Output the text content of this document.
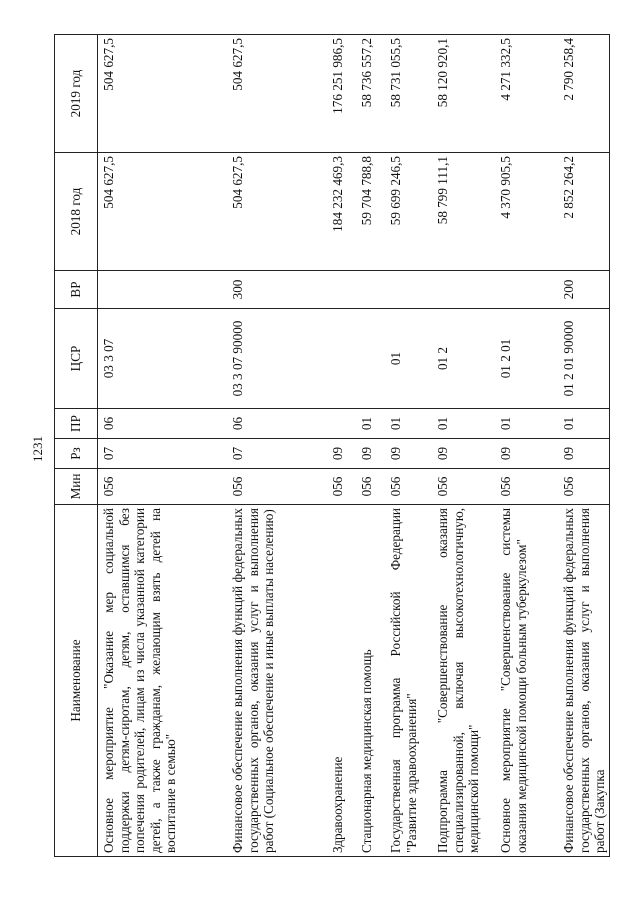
1231
Наименование	Мин	Рз	ПР	ЦСР	ВР	2018 год	2019 год
Основное мероприятие "Оказание мер социальной поддержки детям-сиротам, детям, оставшимся без попечения родителей, лицам из числа указанной категории детей, а также гражданам, желающим взять детей на воспитание в семью"	056	07	06	03 3 07		504 627,5	504 627,5
Финансовое обеспечение выполнения функций федеральных государственных органов, оказания услуг и выполнения работ (Социальное обеспечение и иные выплаты населению)	056	07	06	03 3 07 90000	300	504 627,5	504 627,5
Здравоохранение	056	09				184 232 469,3	176 251 986,5
Стационарная медицинская помощь	056	09	01			59 704 788,8	58 736 557,2
Государственная программа Российской Федерации "Развитие здравоохранения"	056	09	01	01		59 699 246,5	58 731 055,5
Подпрограмма "Совершенствование оказания специализированной, включая высокотехнологичную, медицинской помощи"	056	09	01	01 2		58 799 111,1	58 120 920,1
Основное мероприятие "Совершенствование системы оказания медицинской помощи больным туберкулезом"	056	09	01	01 2 01		4 370 905,5	4 271 332,5
Финансовое обеспечение выполнения функций федеральных государственных органов, оказания услуг и выполнения работ (Закупка	056	09	01	01 2 01 90000	200	2 852 264,2	2 790 258,4
